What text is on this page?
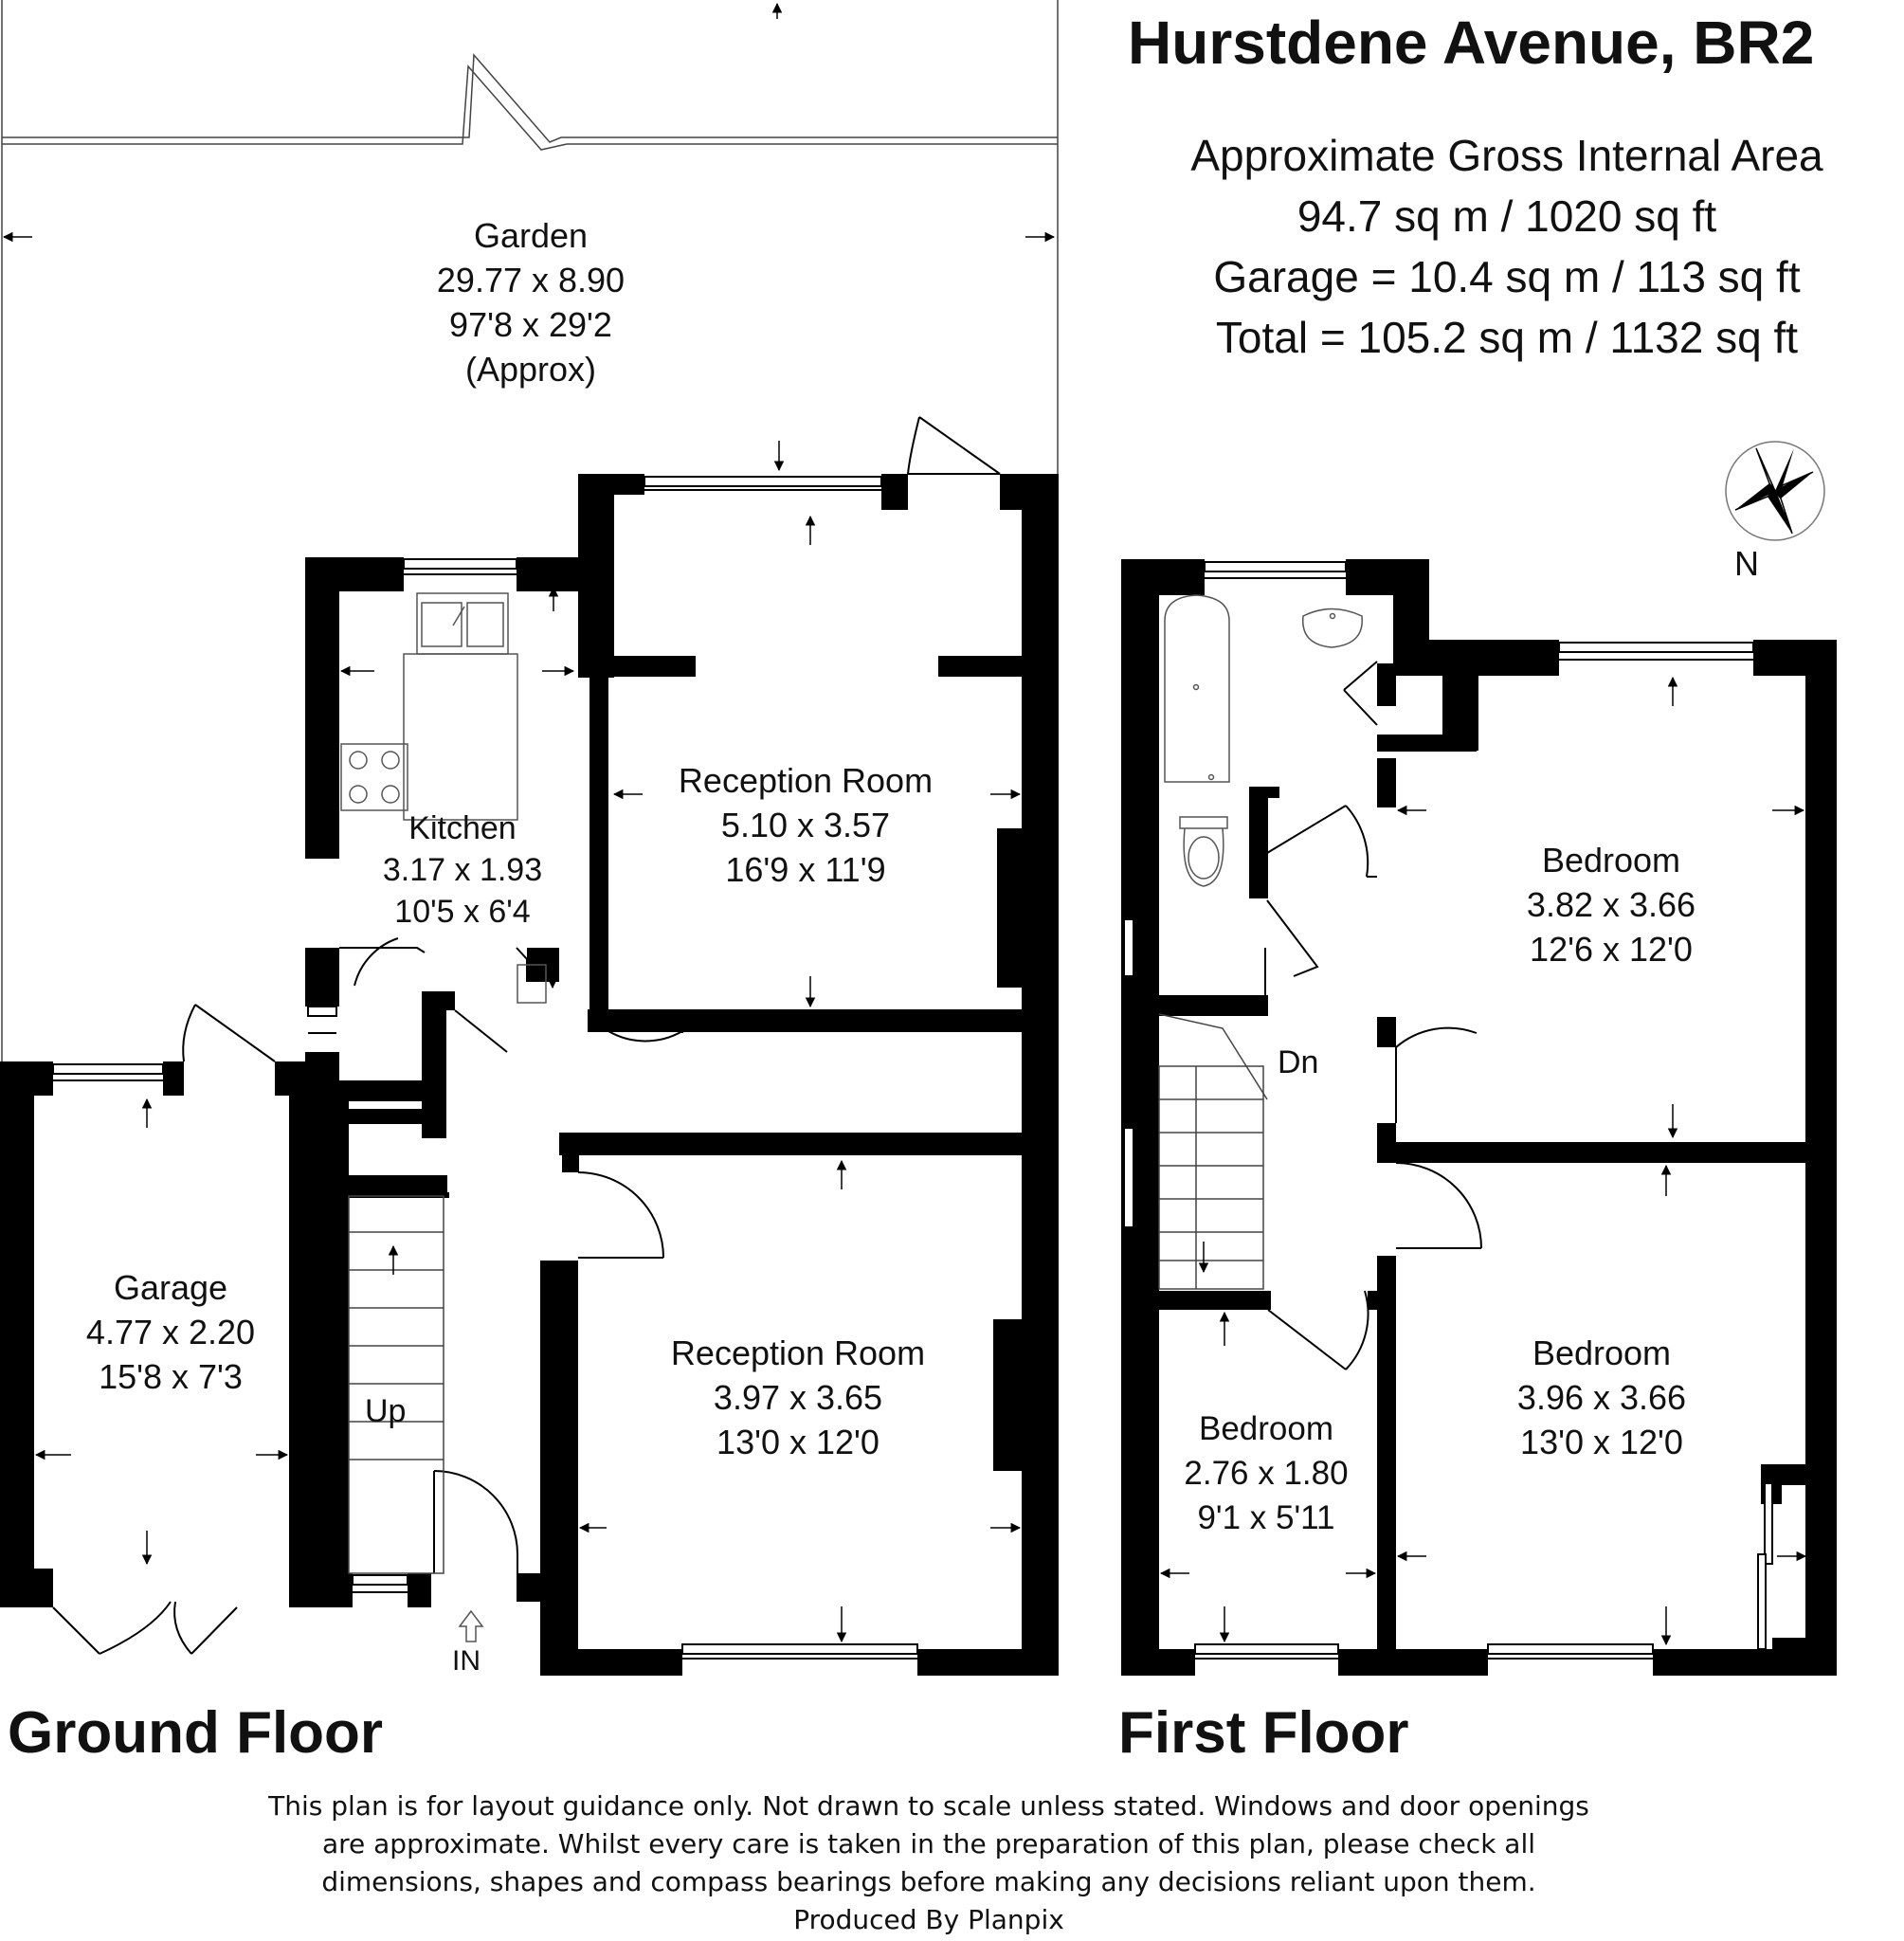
Hurstdene Avenue, BR2
Approximate Gross Internal Area
94.7 sq m / 1020 sq ft
Garage = 10.4 sq m / 113 sq ft
Total = 105.2 sq m / 1132 sq ft
Garden
29.77 x 8.90
97'8 x 29'2
(Approx)
Kitchen
3.17 x 1.93
10'5 x 6'4
Reception Room
5.10 x 3.57
16'9 x 11'9
Reception Room
3.97 x 3.65
13'0 x 12'0
Garage
4.77 x 2.20
15'8 x 7'3
Bedroom
3.82 x 3.66
12'6 x 12'0
Bedroom
3.96 x 3.66
13'0 x 12'0
Bedroom
2.76 x 1.80
9'1 x 5'11
Up
Dn
IN
N
Ground Floor	First Floor
This plan is for layout guidance only. Not drawn to scale unless stated. Windows and door openings
are approximate. Whilst every care is taken in the preparation of this plan, please check all
dimensions, shapes and compass bearings before making any decisions reliant upon them.
Produced By Planpix
